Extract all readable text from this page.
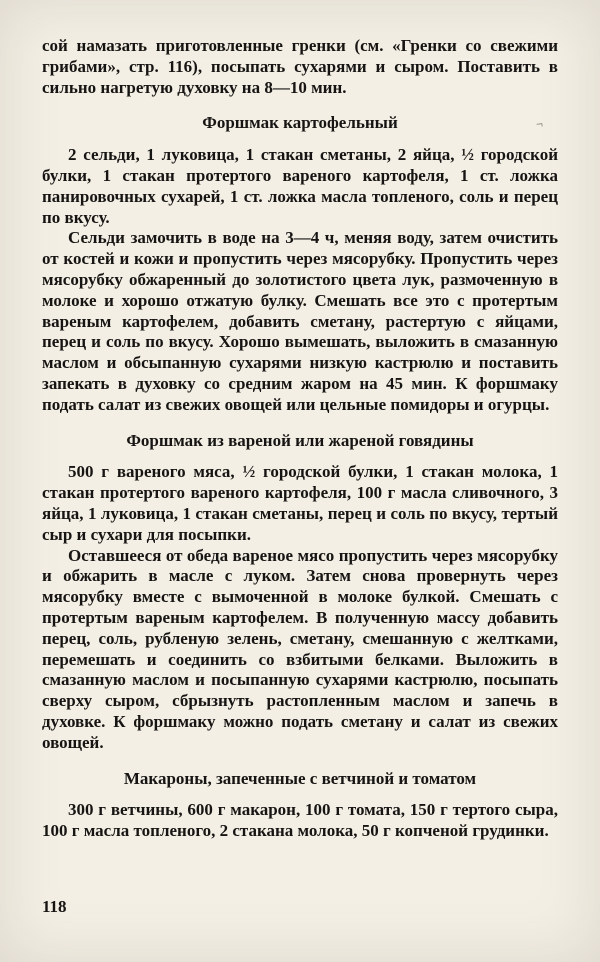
сой намазать приготовленные гренки (см. «Гренки со свежими грибами», стр. 116), посыпать сухарями и сыром. Поставить в сильно нагретую духовку на 8—10 мин.

Форшмак картофельный

2 сельди, 1 луковица, 1 стакан сметаны, 2 яйца, ½ городской булки, 1 стакан протертого вареного картофеля, 1 ст. ложка панировочных сухарей, 1 ст. ложка масла топленого, соль и перец по вкусу.

Сельди замочить в воде на 3—4 ч, меняя воду, затем очистить от костей и кожи и пропустить через мясорубку. Пропустить через мясорубку обжаренный до золотистого цвета лук, размоченную в молоке и хорошо отжатую булку. Смешать все это с протертым вареным картофелем, добавить сметану, растертую с яйцами, перец и соль по вкусу. Хорошо вымешать, выложить в смазанную маслом и обсыпанную сухарями низкую кастрюлю и поставить запекать в духовку со средним жаром на 45 мин. К форшмаку подать салат из свежих овощей или цельные помидоры и огурцы.

Форшмак из вареной или жареной говядины

500 г вареного мяса, ½ городской булки, 1 стакан молока, 1 стакан протертого вареного картофеля, 100 г масла сливочного, 3 яйца, 1 луковица, 1 стакан сметаны, перец и соль по вкусу, тертый сыр и сухари для посыпки.

Оставшееся от обеда вареное мясо пропустить через мясорубку и обжарить в масле с луком. Затем снова провернуть через мясорубку вместе с вымоченной в молоке булкой. Смешать с протертым вареным картофелем. В полученную массу добавить перец, соль, рубленую зелень, сметану, смешанную с желтками, перемешать и соединить со взбитыми белками. Выложить в смазанную маслом и посыпанную сухарями кастрюлю, посыпать сверху сыром, сбрызнуть растопленным маслом и запечь в духовке. К форшмаку можно подать сметану и салат из свежих овощей.

Макароны, запеченные с ветчиной и томатом

300 г ветчины, 600 г макарон, 100 г томата, 150 г тертого сыра, 100 г масла топленого, 2 стакана молока, 50 г копченой грудинки.

118
¬
